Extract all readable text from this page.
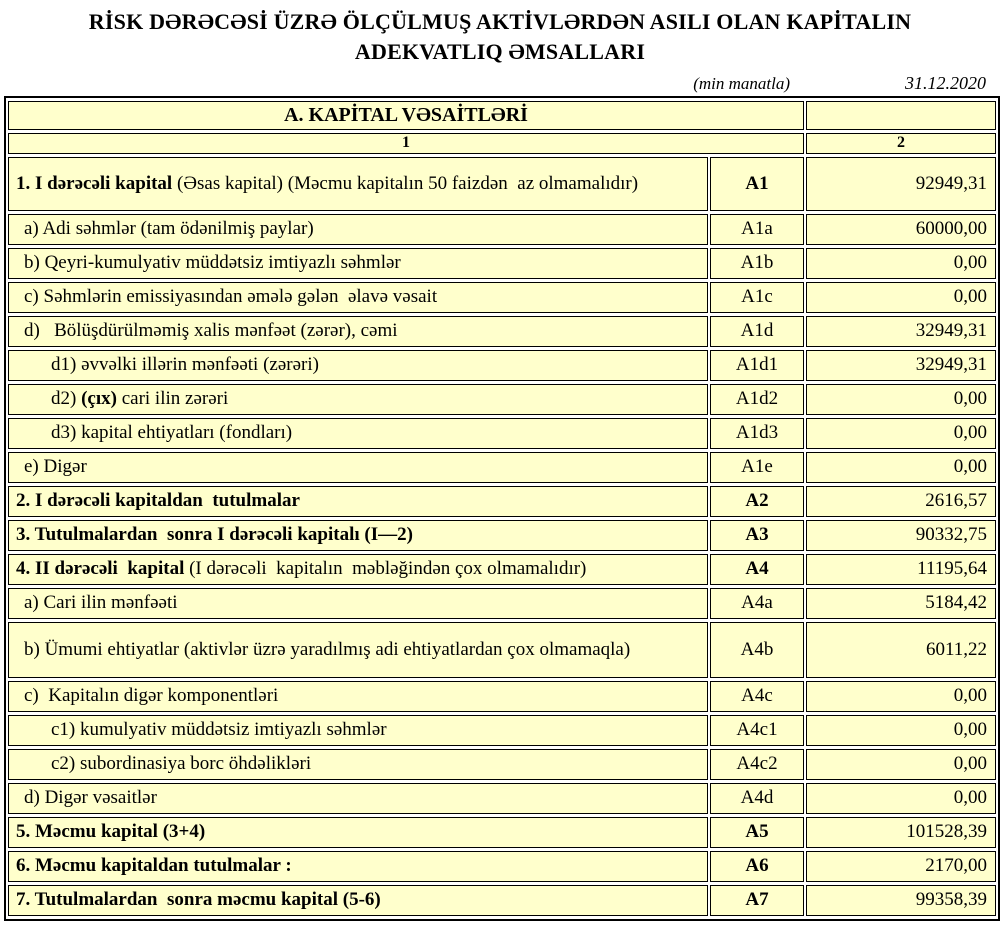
RİSK DƏRƏCƏSİ ÜZRƏ ÖLÇÜLMUŞ AKTİVLƏRDƏN ASILI OLAN KAPİTALIN
ADEKVATLIQ ƏMSALLARI
(min manatla)	31.12.2020
A. KAPİTAL VƏSAİTLƏRİ		
1		2
1. I dərəcəli kapital (Əsas kapital) (Məcmu kapitalın 50 faizdən  az olmamalıdır)	A1	92949,31
a) Adi səhmlər (tam ödənilmiş paylar)	A1a	60000,00
b) Qeyri-kumulyativ müddətsiz imtiyazlı səhmlər	A1b	0,00
c) Səhmlərin emissiyasından əmələ gələn  əlavə vəsait	A1c	0,00
d)   Bölüşdürülməmiş xalis mənfəət (zərər), cəmi	A1d	32949,31
d1) əvvəlki illərin mənfəəti (zərəri)	A1d1	32949,31
d2) (çıx) cari ilin zərəri	A1d2	0,00
d3) kapital ehtiyatları (fondları)	A1d3	0,00
e) Digər	A1e	0,00
2. I dərəcəli kapitaldan  tutulmalar	A2	2616,57
3. Tutulmalardan  sonra I dərəcəli kapitalı (I—2)	A3	90332,75
4. II dərəcəli  kapital (I dərəcəli  kapitalın  məbləğindən çox olmamalıdır)	A4	11195,64
a) Cari ilin mənfəəti	A4a	5184,42
b) Ümumi ehtiyatlar (aktivlər üzrə yaradılmış adi ehtiyatlardan çox olmamaqla)	A4b	6011,22
c)  Kapitalın digər komponentləri	A4c	0,00
c1) kumulyativ müddətsiz imtiyazlı səhmlər	A4c1	0,00
c2) subordinasiya borc öhdəlikləri	A4c2	0,00
d) Digər vəsaitlər	A4d	0,00
5. Məcmu kapital (3+4)	A5	101528,39
6. Məcmu kapitaldan tutulmalar :	A6	2170,00
7. Tutulmalardan  sonra məcmu kapital (5-6)	A7	99358,39
